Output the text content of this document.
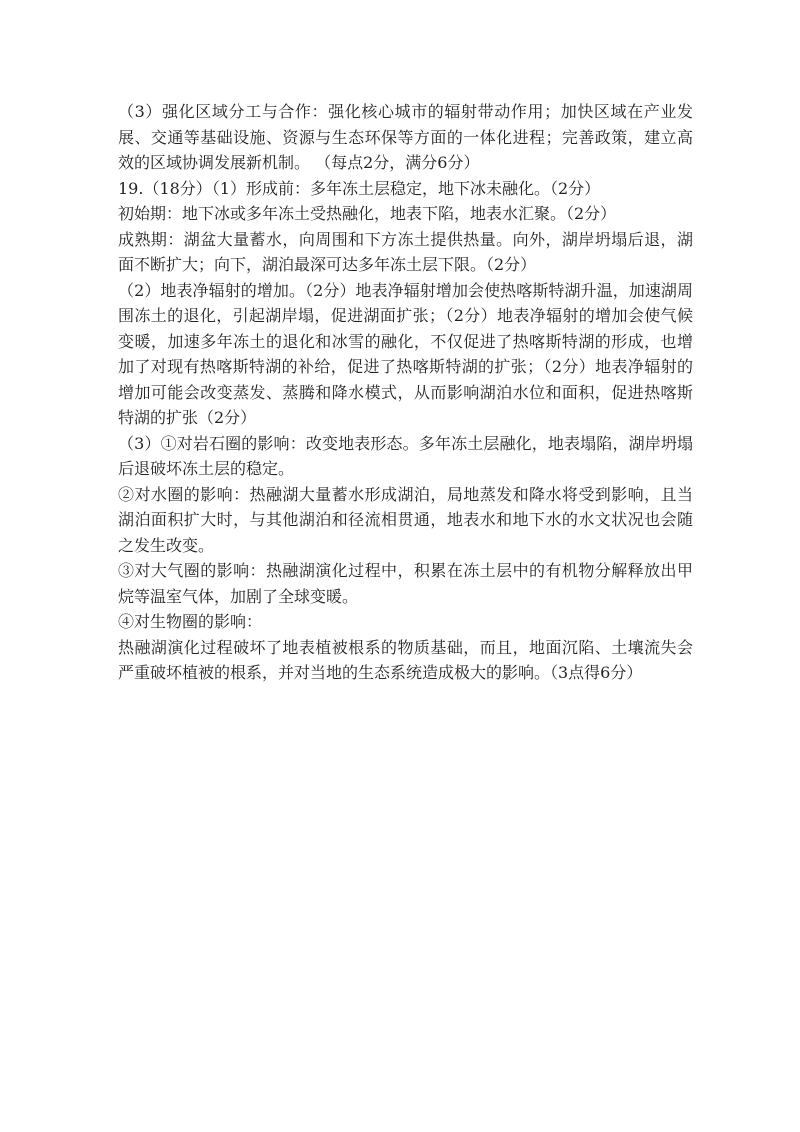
（3）强化区域分工与合作：强化核心城市的辐射带动作用；加快区域在产业发展、交通等基础设施、资源与生态环保等方面的一体化进程；完善政策，建立高效的区域协调发展新机制。 （每点2分，满分6分）

19.（18分）（1）形成前：多年冻土层稳定，地下冰未融化。（2分）

初始期：地下冰或多年冻土受热融化，地表下陷，地表水汇聚。（2分）

成熟期：湖盆大量蓄水，向周围和下方冻土提供热量。向外，湖岸坍塌后退，湖面不断扩大；向下，湖泊最深可达多年冻土层下限。（2分）

（2）地表净辐射的增加。（2分）地表净辐射增加会使热喀斯特湖升温，加速湖周围冻土的退化，引起湖岸塌，促进湖面扩张；（2分）地表净辐射的增加会使气候变暖，加速多年冻土的退化和冰雪的融化，不仅促进了热喀斯特湖的形成，也增加了对现有热喀斯特湖的补给，促进了热喀斯特湖的扩张；（2分）地表净辐射的增加可能会改变蒸发、蒸腾和降水模式，从而影响湖泊水位和面积，促进热喀斯特湖的扩张（2分）

（3）①对岩石圈的影响：改变地表形态。多年冻土层融化，地表塌陷，湖岸坍塌后退破坏冻土层的稳定。

②对水圈的影响：热融湖大量蓄水形成湖泊，局地蒸发和降水将受到影响，且当湖泊面积扩大时，与其他湖泊和径流相贯通，地表水和地下水的水文状况也会随之发生改变。

③对大气圈的影响：热融湖演化过程中，积累在冻土层中的有机物分解释放出甲烷等温室气体，加剧了全球变暖。

④对生物圈的影响：

热融湖演化过程破坏了地表植被根系的物质基础，而且，地面沉陷、土壤流失会严重破坏植被的根系，并对当地的生态系统造成极大的影响。（3点得6分）
